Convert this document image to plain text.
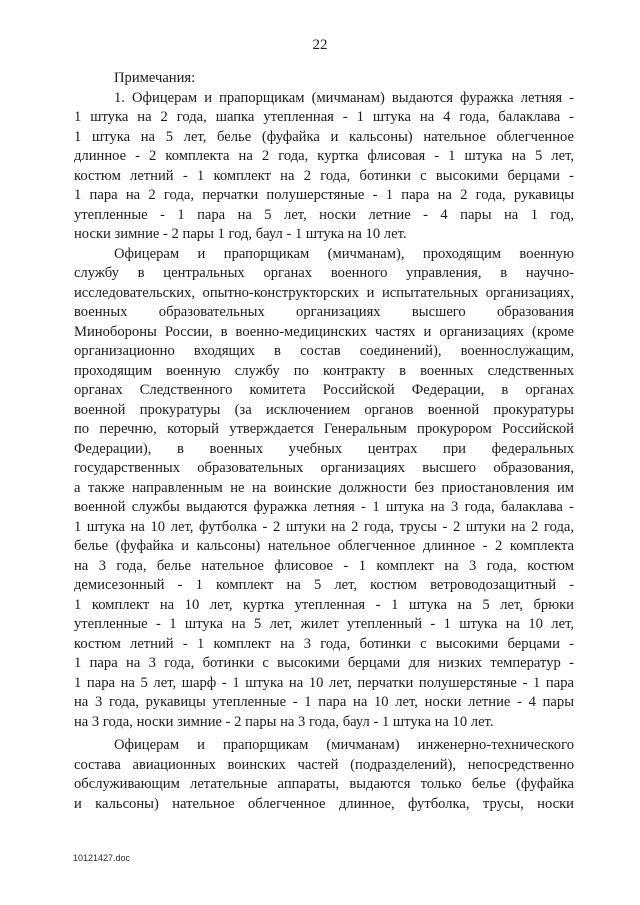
22
Примечания:
1. Офицерам и прапорщикам (мичманам) выдаются фуражка летняя -
1 штука на 2 года, шапка утепленная - 1 штука на 4 года, балаклава -
1 штука на 5 лет, белье (фуфайка и кальсоны) нательное облегченное
длинное - 2 комплекта на 2 года, куртка флисовая - 1 штука на 5 лет,
костюм летний - 1 комплект на 2 года, ботинки с высокими берцами -
1 пара на 2 года, перчатки полушерстяные - 1 пара на 2 года, рукавицы
утепленные - 1 пара на 5 лет, носки летние - 4 пары на 1 год,
носки зимние - 2 пары 1 год, баул - 1 штука на 10 лет.
Офицерам и прапорщикам (мичманам), проходящим военную
службу в центральных органах военного управления, в научно-
исследовательских, опытно-конструкторских и испытательных организациях,
военных образовательных организациях высшего образования
Минобороны России, в военно-медицинских частях и организациях (кроме
организационно входящих в состав соединений), военнослужащим,
проходящим военную службу по контракту в военных следственных
органах Следственного комитета Российской Федерации, в органах
военной прокуратуры (за исключением органов военной прокуратуры
по перечню, который утверждается Генеральным прокурором Российской
Федерации), в военных учебных центрах при федеральных
государственных образовательных организациях высшего образования,
а также направленным не на воинские должности без приостановления им
военной службы выдаются фуражка летняя - 1 штука на 3 года, балаклава -
1 штука на 10 лет, футболка - 2 штуки на 2 года, трусы - 2 штуки на 2 года,
белье (фуфайка и кальсоны) нательное облегченное длинное - 2 комплекта
на 3 года, белье нательное флисовое - 1 комплект на 3 года, костюм
демисезонный - 1 комплект на 5 лет, костюм ветроводозащитный -
1 комплект на 10 лет, куртка утепленная - 1 штука на 5 лет, брюки
утепленные - 1 штука на 5 лет, жилет утепленный - 1 штука на 10 лет,
костюм летний - 1 комплект на 3 года, ботинки с высокими берцами -
1 пара на 3 года, ботинки с высокими берцами для низких температур -
1 пара на 5 лет, шарф - 1 штука на 10 лет, перчатки полушерстяные - 1 пара
на 3 года, рукавицы утепленные - 1 пара на 10 лет, носки летние - 4 пары
на 3 года, носки зимние - 2 пары на 3 года, баул - 1 штука на 10 лет.
Офицерам и прапорщикам (мичманам) инженерно-технического
состава авиационных воинских частей (подразделений), непосредственно
обслуживающим летательные аппараты, выдаются только белье (фуфайка
и кальсоны) нательное облегченное длинное, футболка, трусы, носки
10121427.doc
